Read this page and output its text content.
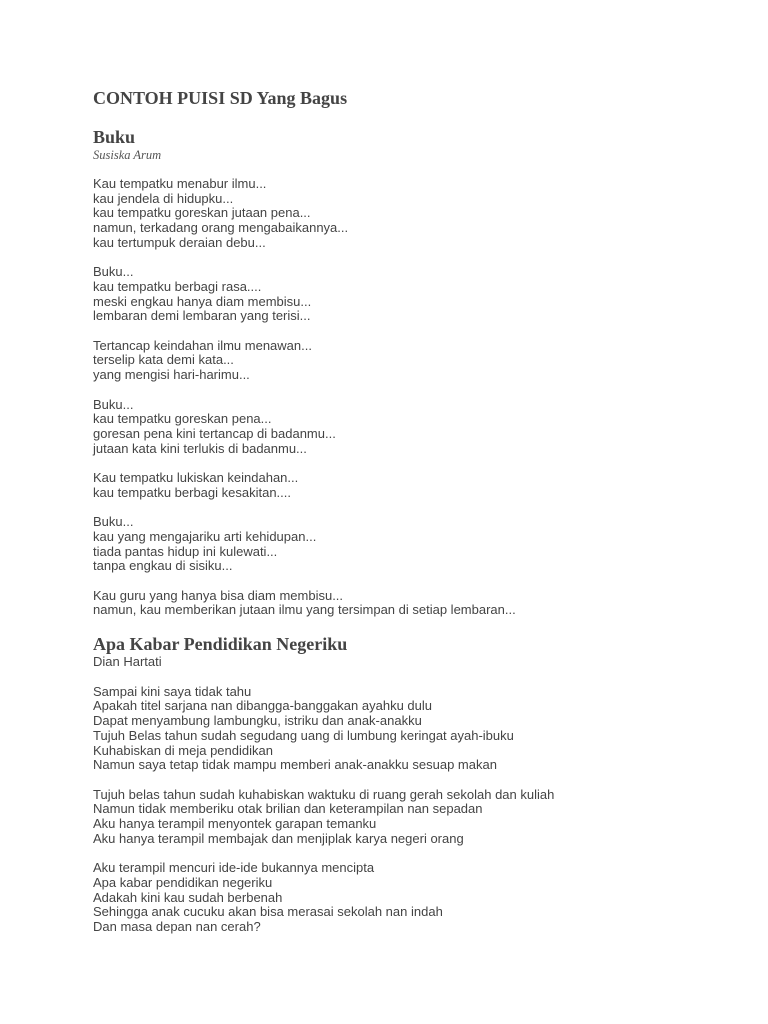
CONTOH PUISI SD Yang Bagus
Buku

Susiska Arum

Kau tempatku menabur ilmu...
kau jendela di hidupku...
kau tempatku goreskan jutaan pena...
namun, terkadang orang mengabaikannya...
kau tertumpuk deraian debu...
Buku...
kau tempatku berbagi rasa....
meski engkau hanya diam membisu...
lembaran demi lembaran yang terisi...
Tertancap keindahan ilmu menawan...
terselip kata demi kata...
yang mengisi hari-harimu...
Buku...
kau tempatku goreskan pena...
goresan pena kini tertancap di badanmu...
jutaan kata kini terlukis di badanmu...
Kau tempatku lukiskan keindahan...
kau tempatku berbagi kesakitan....
Buku...
kau yang mengajariku arti kehidupan...
tiada pantas hidup ini kulewati...
tanpa engkau di sisiku...
Kau guru yang hanya bisa diam membisu...
namun, kau memberikan jutaan ilmu yang tersimpan di setiap lembaran...
Apa Kabar Pendidikan Negeriku

Dian Hartati

Sampai kini saya tidak tahu
Apakah titel sarjana nan dibangga-banggakan ayahku dulu
Dapat menyambung lambungku, istriku dan anak-anakku
Tujuh Belas tahun sudah segudang uang di lumbung keringat ayah-ibuku
Kuhabiskan di meja pendidikan
Namun saya tetap tidak mampu memberi anak-anakku sesuap makan
Tujuh belas tahun sudah kuhabiskan waktuku di ruang gerah sekolah dan kuliah
Namun tidak memberiku otak brilian dan keterampilan nan sepadan
Aku hanya terampil menyontek garapan temanku
Aku hanya terampil membajak dan menjiplak karya negeri orang
Aku terampil mencuri ide-ide bukannya mencipta
Apa kabar pendidikan negeriku
Adakah kini kau sudah berbenah
Sehingga anak cucuku akan bisa merasai sekolah nan indah
Dan masa depan nan cerah?
